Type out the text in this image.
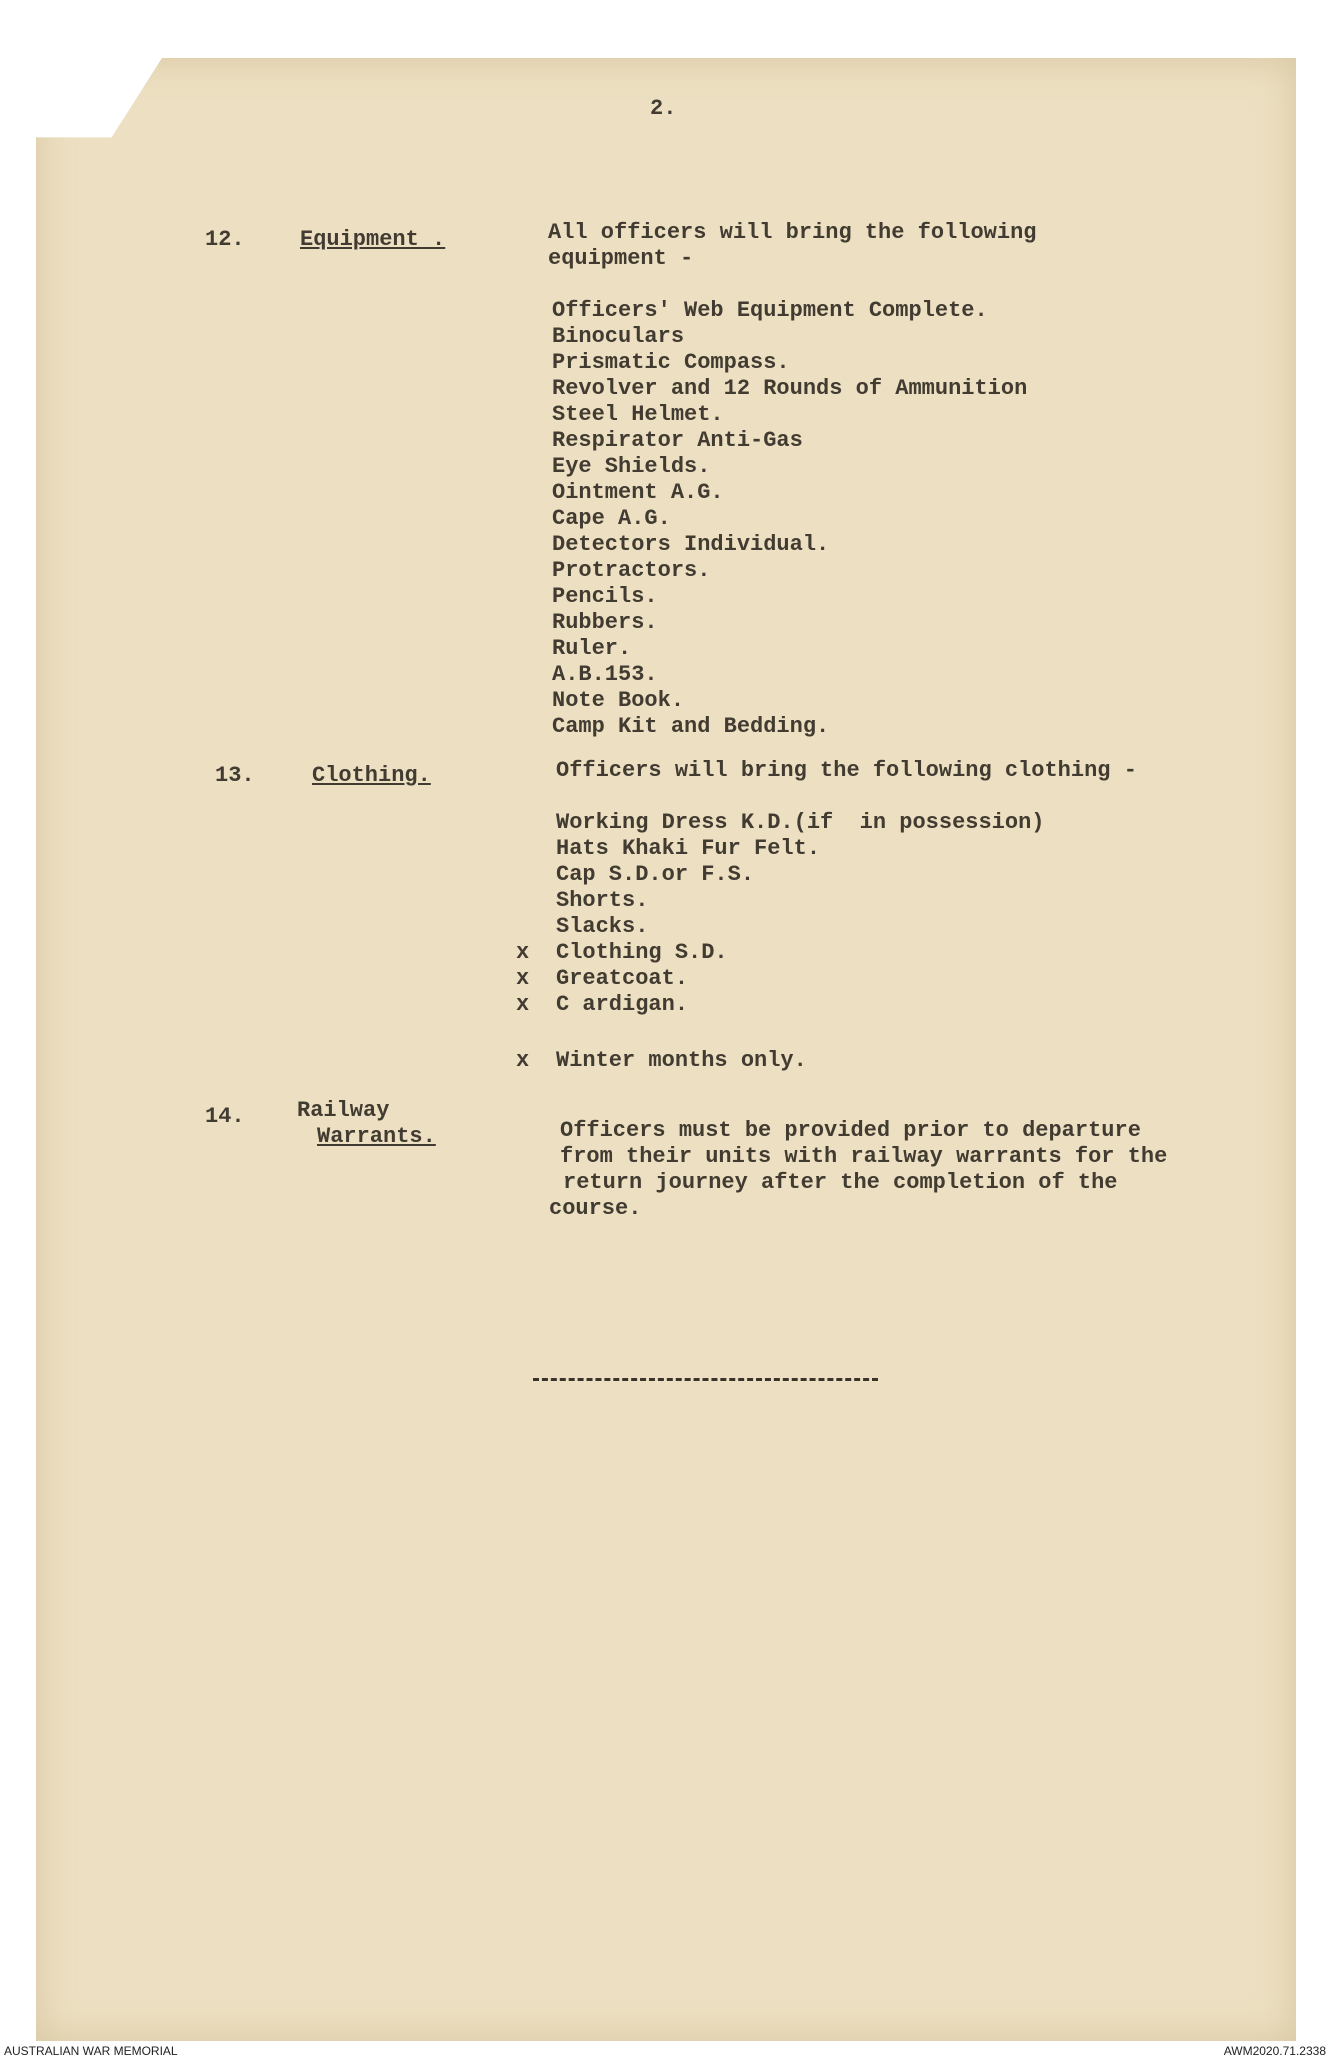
2.
12.	Equipment .	All officers will bring the following
equipment -
Officers' Web Equipment Complete.
Binoculars
Prismatic Compass.
Revolver and 12 Rounds of Ammunition
Steel Helmet.
Respirator Anti-Gas
Eye Shields.
Ointment A.G.
Cape A.G.
Detectors Individual.
Protractors.
Pencils.
Rubbers.
Ruler.
A.B.153.
Note Book.
Camp Kit and Bedding.
13.	Clothing.	Officers will bring the following clothing -
Working Dress K.D.(if  in possession)
Hats Khaki Fur Felt.
Cap S.D.or F.S.
Shorts.
Slacks.
x Clothing S.D.
x Greatcoat.
x C ardigan.
x Winter months only.
14. Railway
Warrants.	Officers must be provided prior to departure
from their units with railway warrants for the
return journey after the completion of the
course.
AUSTRALIAN WAR MEMORIAL	AWM2020.71.2338
